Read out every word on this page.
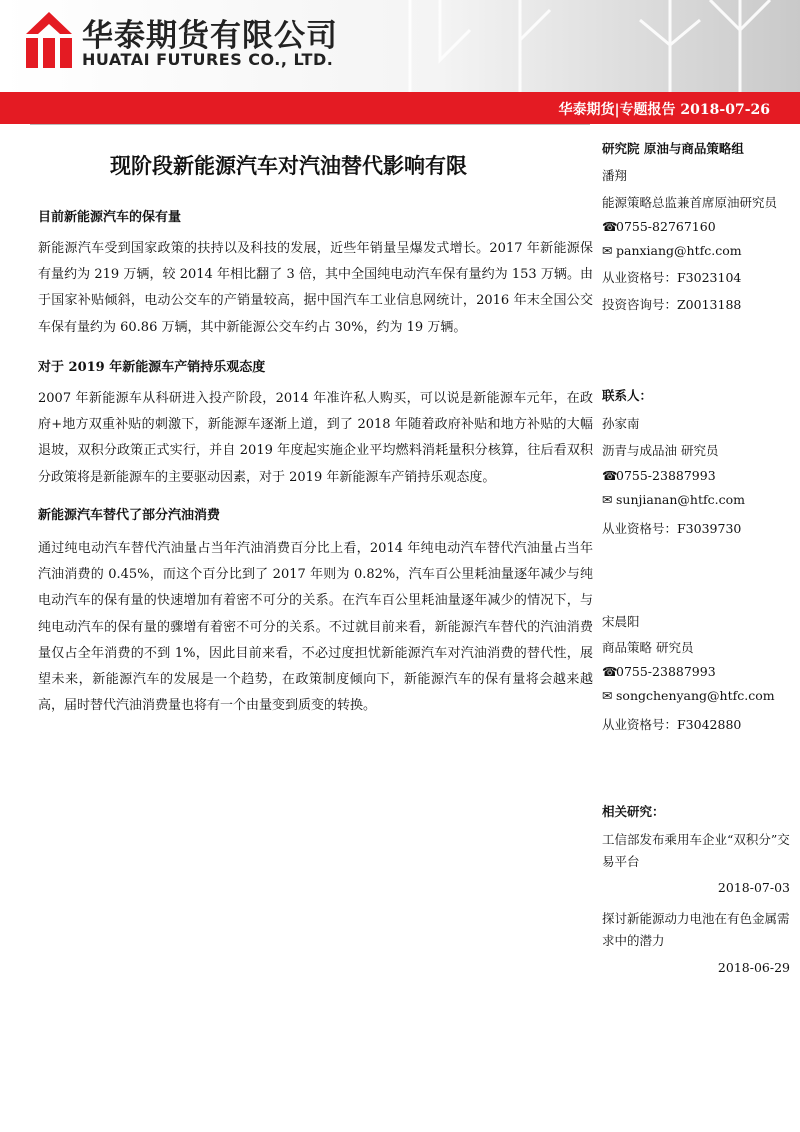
华泰期货有限公司
HUATAI FUTURES CO., LTD.
华泰期货|专题报告 2018-07-26
现阶段新能源汽车对汽油替代影响有限
目前新能源汽车的保有量

新能源汽车受到国家政策的扶持以及科技的发展，近些年销量呈爆发式增长。2017 年新能源保有量约为 219 万辆，较 2014 年相比翻了 3 倍，其中全国纯电动汽车保有量约为 153 万辆。由于国家补贴倾斜，电动公交车的产销量较高，据中国汽车工业信息网统计，2016 年末全国公交车保有量约为 60.86 万辆，其中新能源公交车约占 30%，约为 19 万辆。

对于 2019 年新能源车产销持乐观态度

2007 年新能源车从科研进入投产阶段，2014 年准许私人购买，可以说是新能源车元年，在政府+地方双重补贴的刺激下，新能源车逐渐上道，到了 2018 年随着政府补贴和地方补贴的大幅退坡，双积分政策正式实行，并自 2019 年度起实施企业平均燃料消耗量积分核算，往后看双积分政策将是新能源车的主要驱动因素，对于 2019 年新能源车产销持乐观态度。

新能源汽车替代了部分汽油消费

通过纯电动汽车替代汽油量占当年汽油消费百分比上看，2014 年纯电动汽车替代汽油量占当年汽油消费的 0.45%，而这个百分比到了 2017 年则为 0.82%，汽车百公里耗油量逐年减少与纯电动汽车的保有量的快速增加有着密不可分的关系。在汽车百公里耗油量逐年减少的情况下，与纯电动汽车的保有量的骤增有着密不可分的关系。不过就目前来看，新能源汽车替代的汽油消费量仅占全年消费的不到 1%，因此目前来看，不必过度担忧新能源汽车对汽油消费的替代性，展望未来，新能源汽车的发展是一个趋势，在政策制度倾向下，新能源汽车的保有量将会越来越高，届时替代汽油消费量也将有一个由量变到质变的转换。

研究院 原油与商品策略组
潘翔
能源策略总监兼首席原油研究员
☎0755-82767160
✉ panxiang@htfc.com
从业资格号：F3023104
投资咨询号：Z0013188
联系人：
孙家南
沥青与成品油 研究员
☎0755-23887993
✉ sunjianan@htfc.com
从业资格号：F3039730
宋晨阳
商品策略 研究员
☎0755-23887993
✉ songchenyang@htfc.com
从业资格号：F3042880
相关研究：
工信部发布乘用车企业“双积分”交易平台
2018-07-03
探讨新能源动力电池在有色金属需求中的潜力
2018-06-29
